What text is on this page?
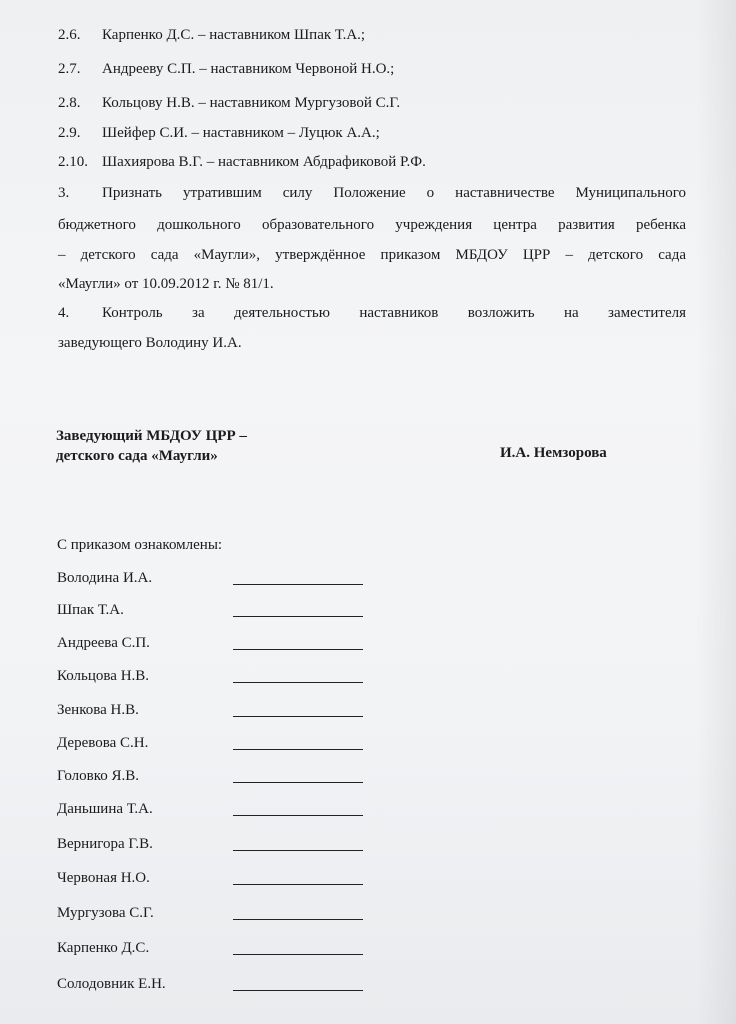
2.6. Карпенко Д.С. – наставником Шпак Т.А.;
2.7. Андрееву С.П. – наставником Червоной Н.О.;
2.8. Кольцову Н.В. – наставником Мургузовой С.Г.
2.9. Шейфер С.И. – наставником – Луцюк А.А.;
2.10. Шахиярова В.Г. – наставником Абдрафиковой Р.Ф.
3. Признать утратившим силу Положение о наставничестве Муниципального
бюджетного дошкольного образовательного учреждения центра развития ребенка
– детского сада «Маугли», утверждённое приказом МБДОУ ЦРР – детского сада
«Маугли» от 10.09.2012 г. № 81/1.
4. Контроль за деятельностью наставников возложить на заместителя
заведующего Володину И.А.
Заведующий МБДОУ ЦРР –
детского сада «Маугли»	И.А. Немзорова
С приказом ознакомлены:
Володина И.А.
Шпак Т.А.
Андреева С.П.
Кольцова Н.В.
Зенкова Н.В.
Деревова С.Н.
Головко Я.В.
Даньшина Т.А.
Вернигора Г.В.
Червоная Н.О.
Мургузова С.Г.
Карпенко Д.С.
Солодовник Е.Н.
